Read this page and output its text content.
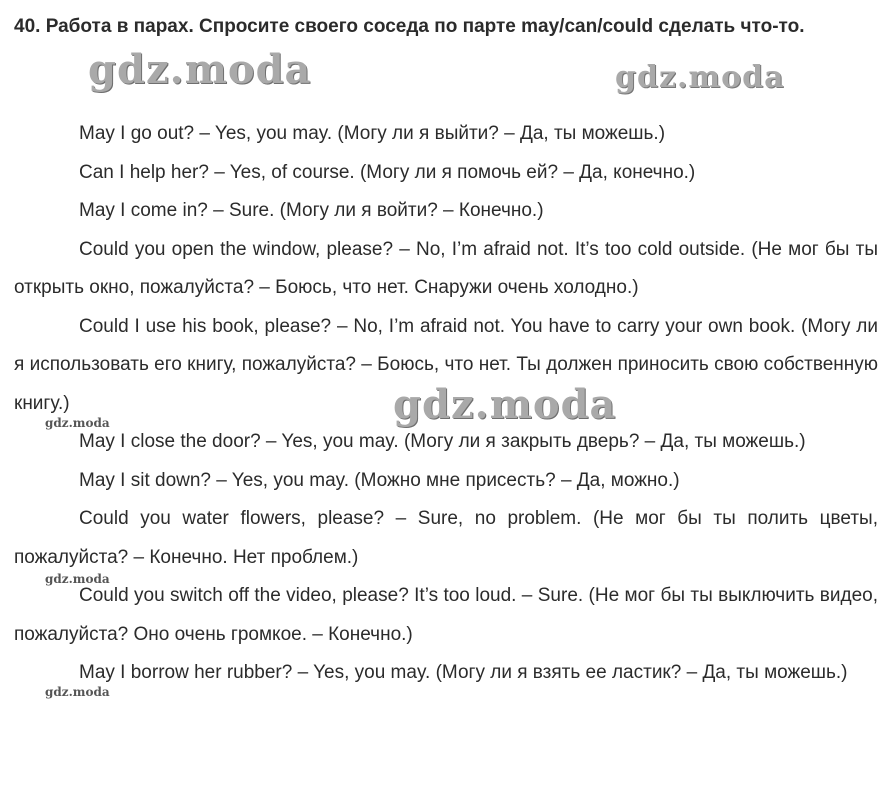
40. Работа в парах. Спросите своего соседа по парте may/can/could сделать что-то.

May I go out? – Yes, you may. (Могу ли я выйти? – Да, ты можешь.)

Can I help her? – Yes, of course. (Могу ли я помочь ей? – Да, конечно.)

May I come in? – Sure. (Могу ли я войти? – Конечно.)

Could you open the window, please? – No, I’m afraid not. It’s too cold outside. (Не мог бы ты открыть окно, пожалуйста? – Боюсь, что нет. Снаружи очень холодно.)

Could I use his book, please? – No, I’m afraid not. You have to carry your own book. (Могу ли я использовать его книгу, пожалуйста? – Боюсь, что нет. Ты должен приносить свою собственную книгу.)

May I close the door? – Yes, you may. (Могу ли я закрыть дверь? – Да, ты можешь.)

May I sit down? – Yes, you may. (Можно мне присесть? – Да, можно.)

Could you water flowers, please? – Sure, no problem. (Не мог бы ты полить цветы, пожалуйста? – Конечно. Нет проблем.)

Could you switch off the video, please? It’s too loud. – Sure. (Не мог бы ты выключить видео, пожалуйста? Оно очень громкое. – Конечно.)

May I borrow her rubber? – Yes, you may. (Могу ли я взять ее ластик? – Да, ты можешь.)

gdz.moda	gdz.moda
gdz.moda
gdz.moda
gdz.moda
gdz.moda
